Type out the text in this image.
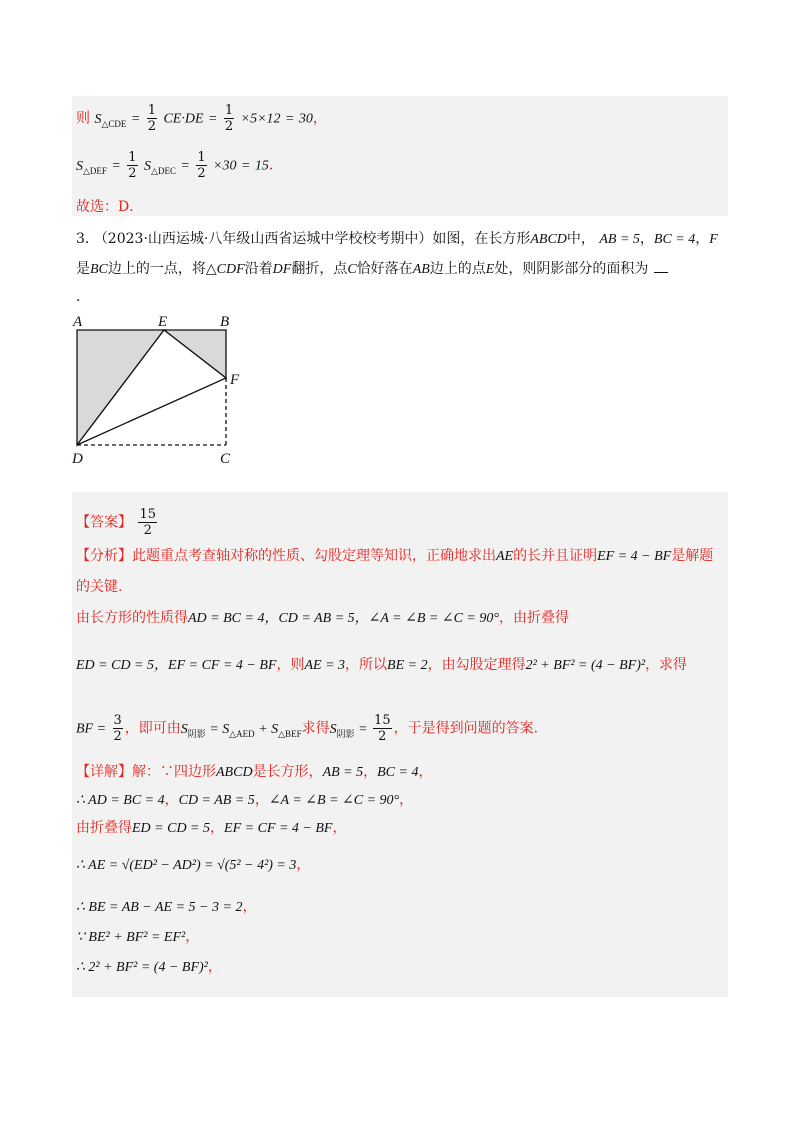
则 $S_{\triangle CDE} = \frac{1}{2} CE\cdot DE = \frac{1}{2} \times 5\times 12 = 30$，
$S_{\triangle DEF} = \frac{1}{2} S_{\triangle DEC} = \frac{1}{2} \times 30 = 15$．
故选：D．
3. （2023·山西运城·八年级山西省运城中学校校考期中）如图，在长方形ABCD中， AB = 5，BC = 4，F
是BC边上的一点，将△CDF沿着DF翻折，点C恰好落在AB边上的点E处，则阴影部分的面积为
.
A	E	B
F
D	C
【答案】 $\frac{15}{2}$
【分析】此题重点考查轴对称的性质、勾股定理等知识，正确地求出AE的长并且证明EF = 4 − BF是解题
的关键.
由长方形的性质得AD = BC = 4，CD = AB = 5，∠A = ∠B = ∠C = 90°，由折叠得
ED = CD = 5，EF = CF = 4 − BF，则AE = 3，所以BE = 2，由勾股定理得2² + BF² = (4 − BF)²，求得
BF = $\frac{3}{2}$ ，即可由$S_{阴影} = S_{\triangle AED} + S_{\triangle BEF}$求得$S_{阴影} = \frac{15}{2}$ ，于是得到问题的答案.
【详解】解：∵四边形ABCD是长方形，AB = 5，BC = 4，
∴ AD = BC = 4，CD = AB = 5，∠A = ∠B = ∠C = 90°，
由折叠得ED = CD = 5，EF = CF = 4 − BF，
∴ AE = √(ED² − AD²) = √(5² − 4²) = 3，
∴ BE = AB − AE = 5 − 3 = 2，
∵ BE² + BF² = EF²，
∴ 2² + BF² = (4 − BF)²，
